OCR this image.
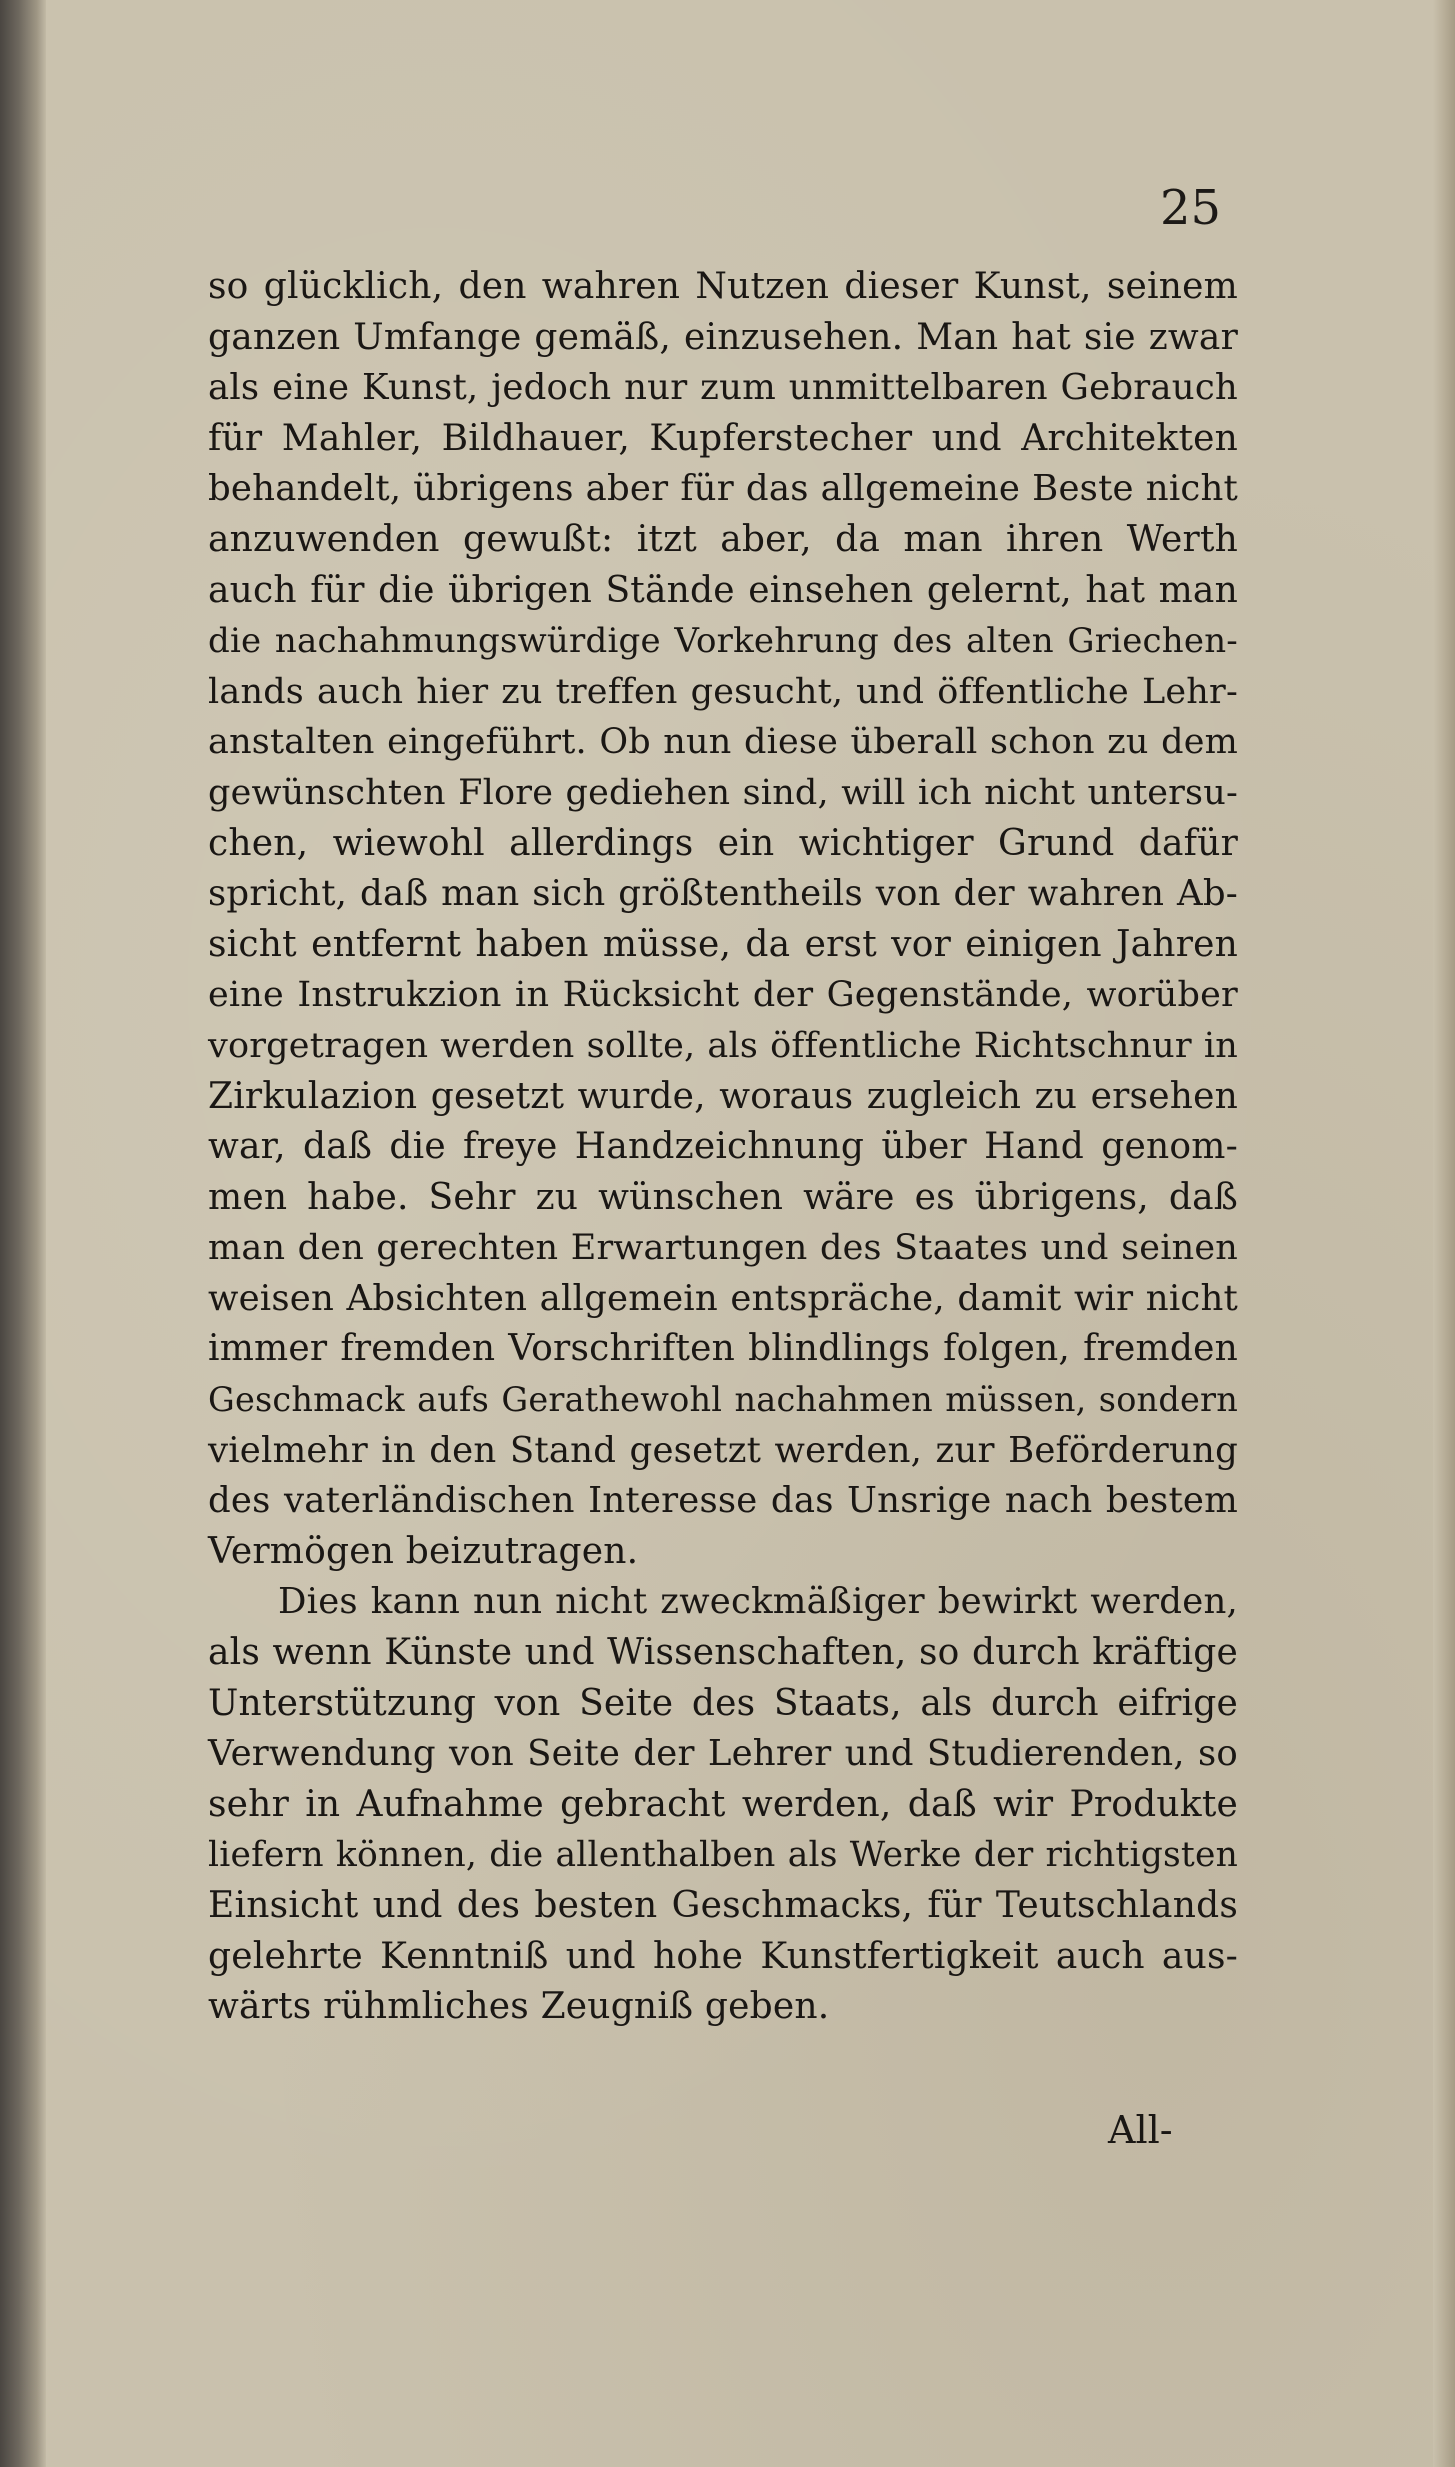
25
so glücklich, den wahren Nutzen dieser Kunst, seinem
ganzen Umfange gemäß, einzusehen. Man hat sie zwar
als eine Kunst, jedoch nur zum unmittelbaren Gebrauch
für Mahler, Bildhauer, Kupferstecher und Architekten
behandelt, übrigens aber für das allgemeine Beste nicht
anzuwenden gewußt: itzt aber, da man ihren Werth
auch für die übrigen Stände einsehen gelernt, hat man
die nachahmungswürdige Vorkehrung des alten Griechen-
lands auch hier zu treffen gesucht, und öffentliche Lehr-
anstalten eingeführt. Ob nun diese überall schon zu dem
gewünschten Flore gediehen sind, will ich nicht untersu-
chen, wiewohl allerdings ein wichtiger Grund dafür
spricht, daß man sich größtentheils von der wahren Ab-
sicht entfernt haben müsse, da erst vor einigen Jahren
eine Instrukzion in Rücksicht der Gegenstände, worüber
vorgetragen werden sollte, als öffentliche Richtschnur in
Zirkulazion gesetzt wurde, woraus zugleich zu ersehen
war, daß die freye Handzeichnung über Hand genom-
men habe. Sehr zu wünschen wäre es übrigens, daß
man den gerechten Erwartungen des Staates und seinen
weisen Absichten allgemein entspräche, damit wir nicht
immer fremden Vorschriften blindlings folgen, fremden
Geschmack aufs Gerathewohl nachahmen müssen, sondern
vielmehr in den Stand gesetzt werden, zur Beförderung
des vaterländischen Interesse das Unsrige nach bestem
Vermögen beizutragen.
Dies kann nun nicht zweckmäßiger bewirkt werden,
als wenn Künste und Wissenschaften, so durch kräftige
Unterstützung von Seite des Staats, als durch eifrige
Verwendung von Seite der Lehrer und Studierenden, so
sehr in Aufnahme gebracht werden, daß wir Produkte
liefern können, die allenthalben als Werke der richtigsten
Einsicht und des besten Geschmacks, für Teutschlands
gelehrte Kenntniß und hohe Kunstfertigkeit auch aus-
wärts rühmliches Zeugniß geben.
All-
